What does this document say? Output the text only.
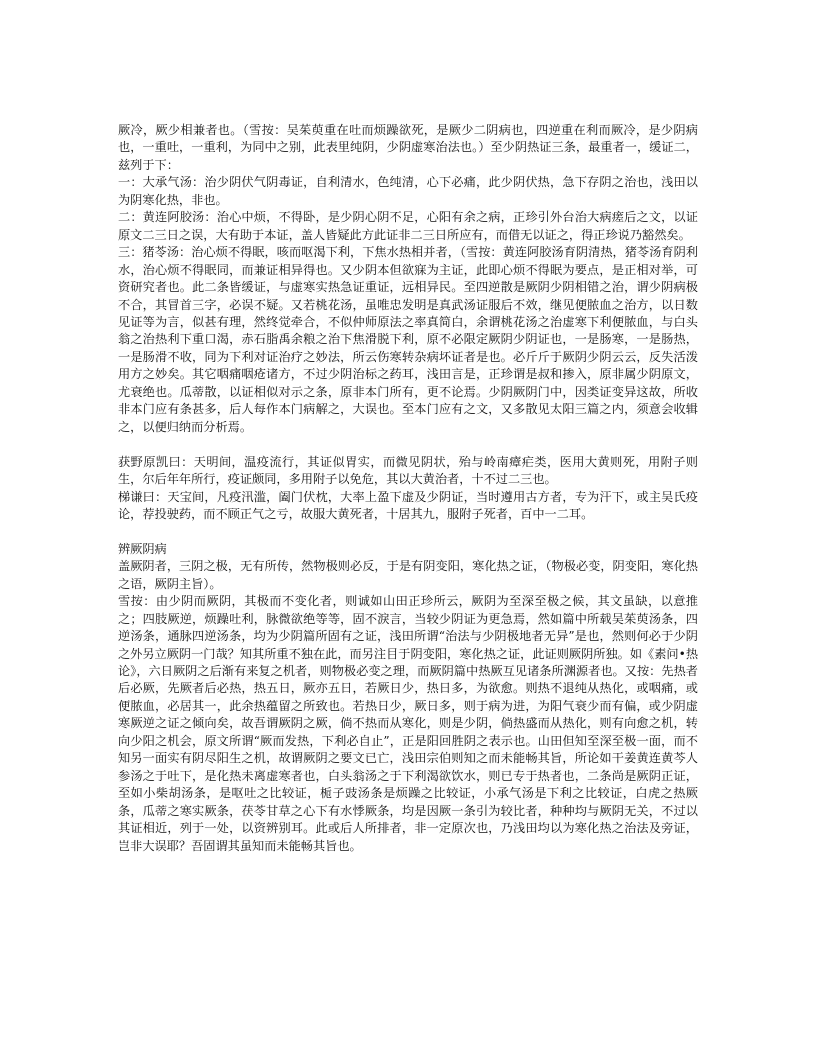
厥冷，厥少相兼者也。（雪按：吴茱萸重在吐而烦躁欲死，是厥少二阴病也，四逆重在利而厥冷，是少阴病也，一重吐，一重利，为同中之别，此表里纯阴，少阴虚寒治法也。）至少阴热证三条，最重者一，缓证二，兹列于下：

一：大承气汤：治少阴伏气阴毒证，自利清水，色纯清，心下必痛，此少阴伏热，急下存阴之治也，浅田以为阴寒化热，非也。

二：黄连阿胶汤：治心中烦，不得卧，是少阴心阴不足，心阳有余之病，正珍引外台治大病瘥后之文，以证原文二三日之误，大有助于本证，盖人皆疑此方此证非二三日所应有，而借无以证之，得正珍说乃豁然矣。

三：猪苓汤：治心烦不得眠，咳而呕渴下利，下焦水热相并者，（雪按：黄连阿胶汤育阴清热，猪苓汤育阴利水，治心烦不得眠同，而兼证相异得也。又少阴本但欲寐为主证，此即心烦不得眠为要点，是正相对举，可资研究者也。此二条皆缓证，与虚寒实热急证重证，远相异民。至四逆散是厥阴少阴相错之治，谓少阴病极不合，其冒首三字，必误不疑。又若桃花汤，虽唯忠发明是真武汤证服后不效，继见便脓血之治方，以日数见证等为言，似甚有理，然终觉牵合，不似仲师原法之率真简白，余谓桃花汤之治虚寒下利便脓血，与白头翁之治热利下重口渴，赤石脂禹余粮之治下焦滑脱下利，原不必限定厥阴少阴证也，一是肠寒，一是肠热，一是肠滑不收，同为下利对证治疗之妙法，所云伤寒转杂病坏证者是也。必斤斤于厥阴少阴云云，反失活泼用方之妙矣。其它咽痛咽疮诸方，不过少阴治标之药耳，浅田言是，正珍谓是叔和掺入，原非属少阴原文，尤衰绝也。瓜蒂散，以证相似对示之条，原非本门所有，更不论焉。少阴厥阴门中，因类证变异这故，所收非本门应有条甚多，后人每作本门病解之，大误也。至本门应有之文，又多散见太阳三篇之内，须意会收辑之，以便归纳而分析焉。

获野原凯曰：天明间，温疫流行，其证似胃实，而微见阴状，殆与岭南瘴疟类，医用大黄则死，用附子则生，尔后年年所行，疫证颇同，多用附子以免危，其以大黄治者，十不过二三也。

梯谦曰：天宝间，凡疫汛滥，阖门伏枕，大率上盈下虚及少阴证，当时遵用古方者，专为汗下，或主吴氏疫论，荐投驶药，而不顾正气之亏，故服大黄死者，十居其九，服附子死者，百中一二耳。

辨厥阴病

盖厥阴者，三阴之极，无有所传，然物极则必反，于是有阴变阳，寒化热之证，（物极必变，阴变阳，寒化热之语，厥阴主旨）。

雪按：由少阴而厥阴，其极而不变化者，则诚如山田正珍所云，厥阴为至深至极之候，其文虽缺，以意推之；四肢厥逆，烦躁吐利，脉微欲绝等等，固不淚言，当较少阴证为更急焉，然如篇中所载吴茱萸汤条，四逆汤条，通脉四逆汤条，均为少阴篇所固有之证，浅田所谓“治法与少阴极地者无异”是也，然则何必于少阴之外另立厥阴一门哉？知其所重不独在此，而另注目于阴变阳，寒化热之证，此证则厥阴所独。如《素问•热论》，六日厥阴之后渐有来复之机者，则物极必变之理，而厥阴篇中热厥互见诸条所渊源者也。又按：先热者后必厥，先厥者后必热，热五日，厥亦五日，若厥日少，热日多，为欲愈。则热不退纯从热化，或咽痛，或便脓血，必居其一，此余热蕴留之所致也。若热日少，厥日多，则于病为进，为阳气衰少而有偏，或少阴虚寒厥逆之证之倾向矣，故吾谓厥阴之厥，倘不热而从寒化，则是少阴，倘热盛而从热化，则有向愈之机，转向少阳之机会，原文所谓“厥而发热，下利必自止”，正是阳回胜阴之表示也。山田但知至深至极一面，而不知另一面实有阴尽阳生之机，故谓厥阴之要文已亡，浅田宗伯则知之而未能畅其旨，所论如干姜黄连黄芩人参汤之于吐下，是化热未离虚寒者也，白头翁汤之于下利渴欲饮水，则已专于热者也，二条尚是厥阴正证，至如小柴胡汤条，是呕吐之比较证，栀子豉汤条是烦躁之比较证，小承气汤是下利之比较证，白虎之热厥条，瓜蒂之寒实厥条，茯苓甘草之心下有水悸厥条，均是因厥一条引为较比者，种种均与厥阴无关，不过以其证相近，列于一处，以资辨别耳。此或后人所排者，非一定原次也，乃浅田均以为寒化热之治法及旁证，岂非大误耶？吾固谓其虽知而未能畅其旨也。
